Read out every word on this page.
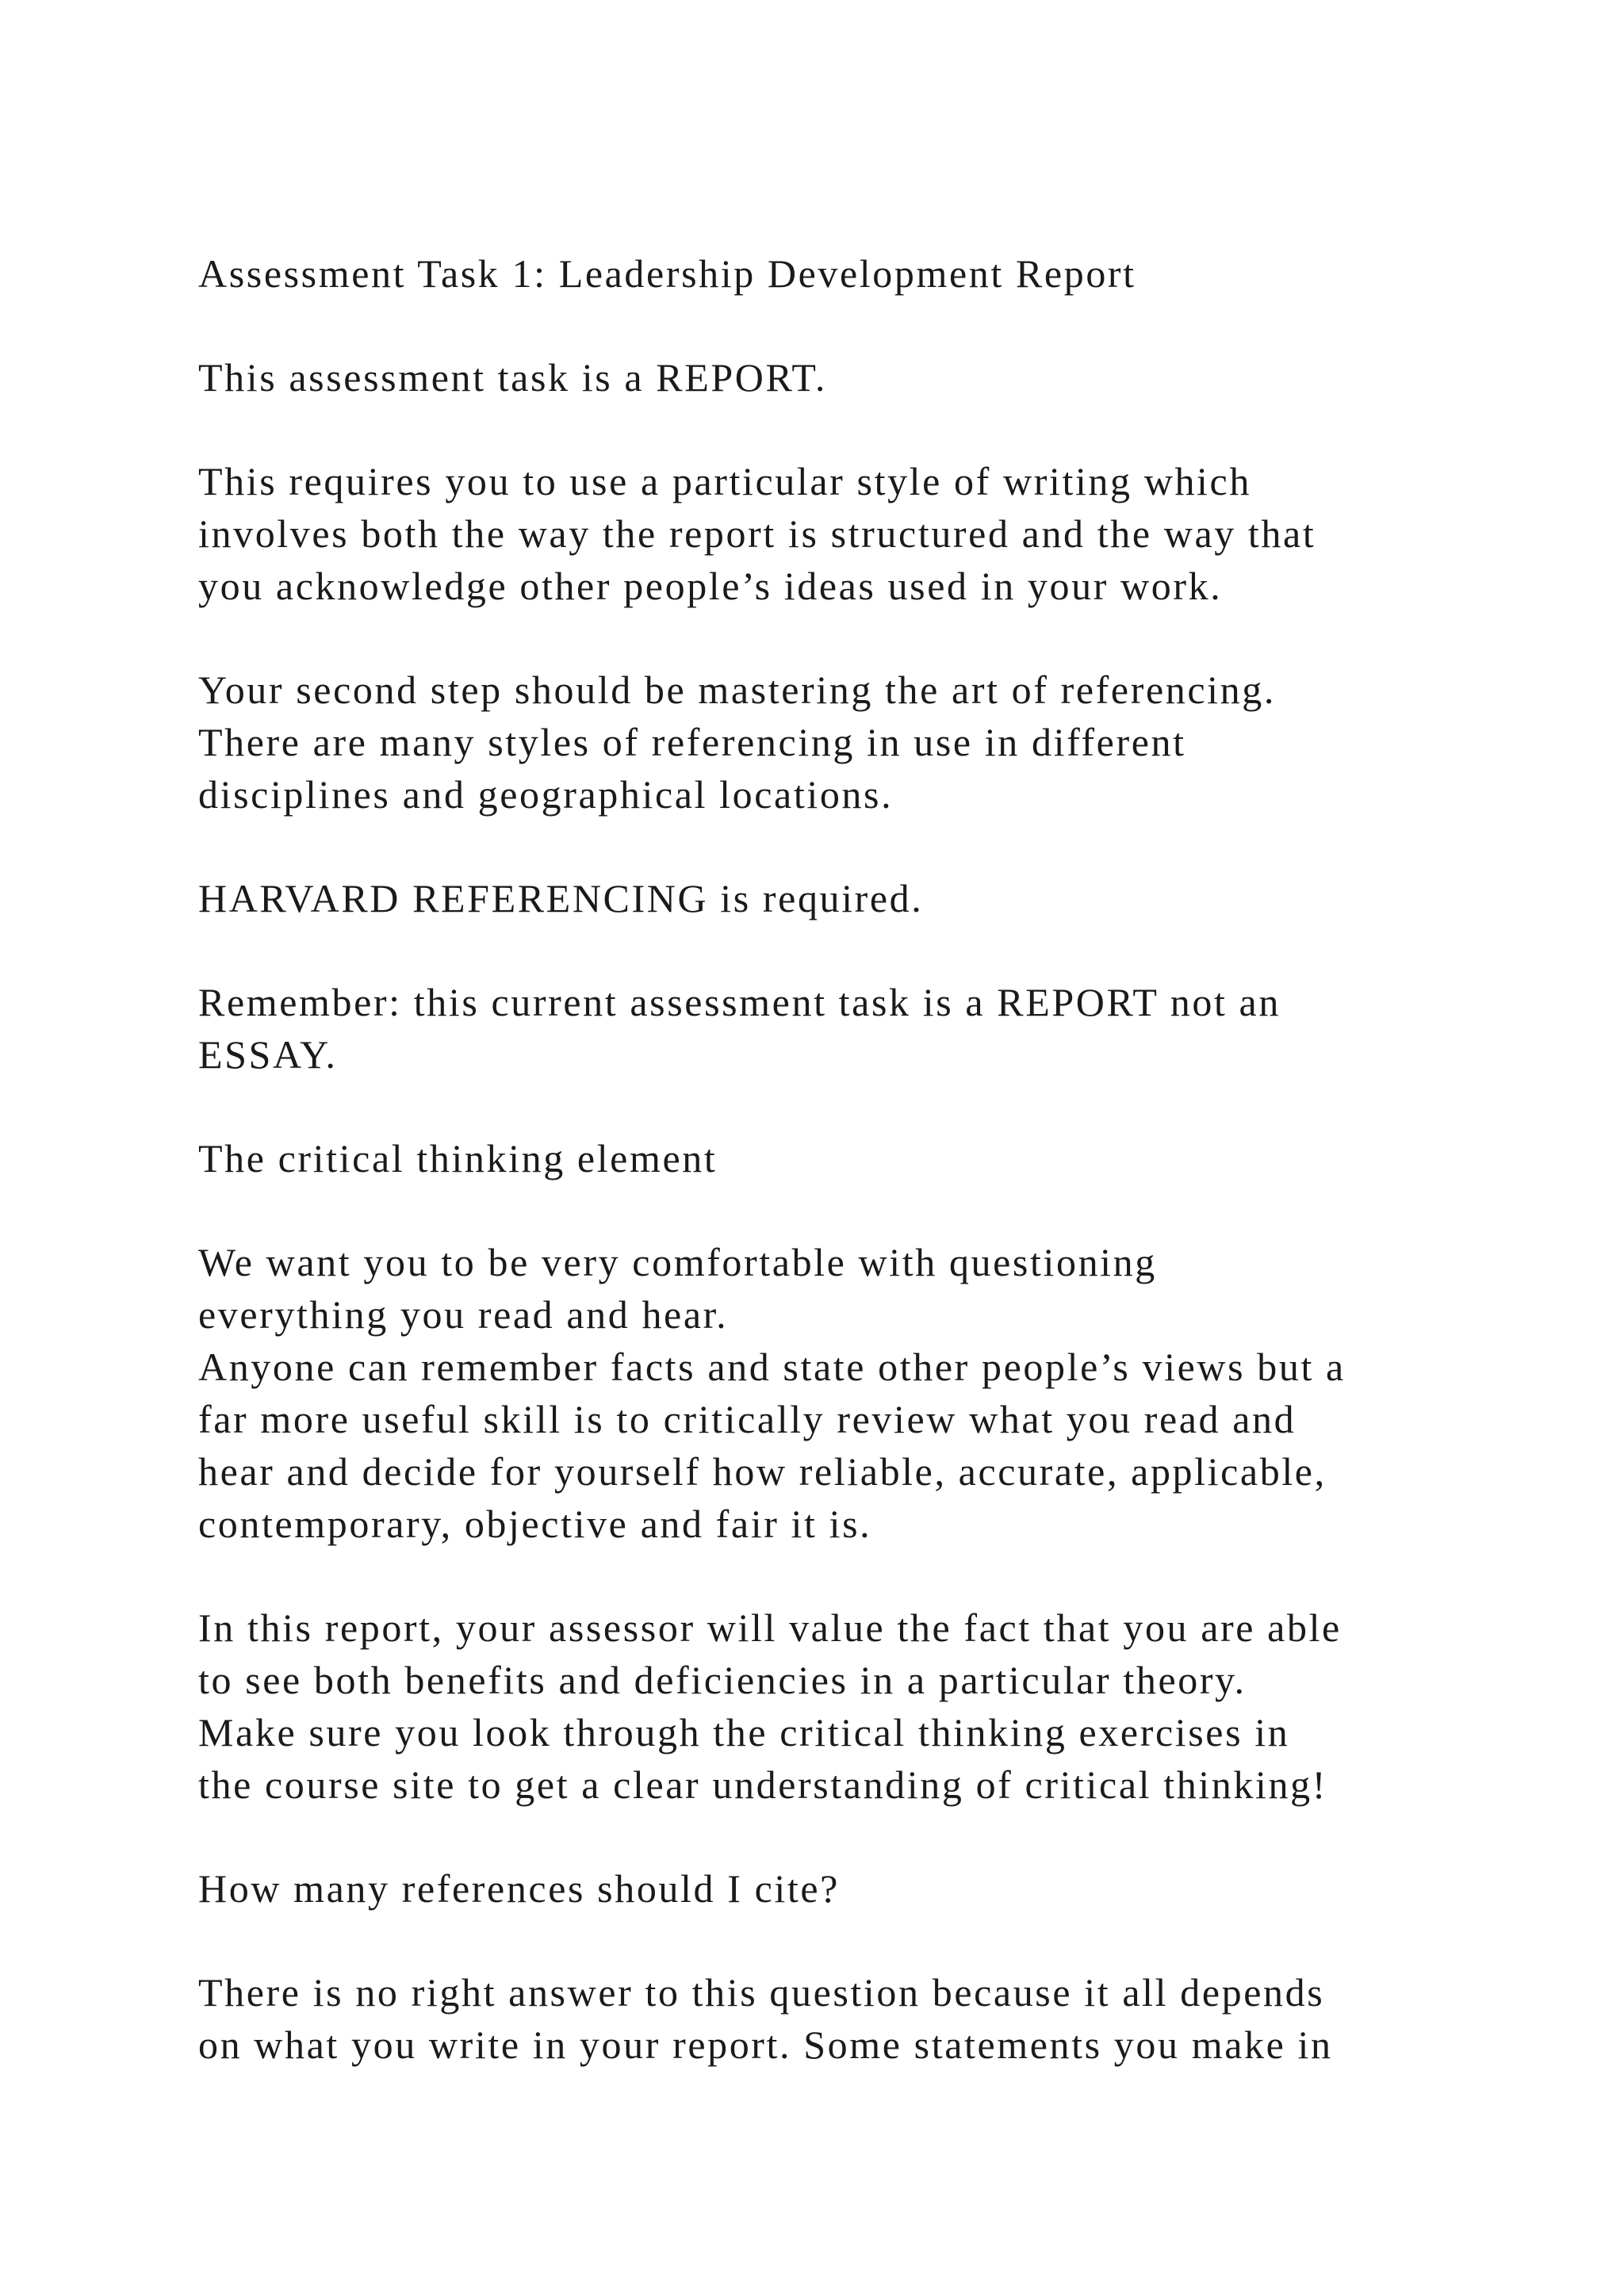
Assessment Task 1: Leadership Development Report
This assessment task is a REPORT.
This requires you to use a particular style of writing which
involves both the way the report is structured and the way that
you acknowledge other people’s ideas used in your work.
Your second step should be mastering the art of referencing.
There are many styles of referencing in use in different
disciplines and geographical locations.
HARVARD REFERENCING is required.
Remember: this current assessment task is a REPORT not an
ESSAY.
The critical thinking element
We want you to be very comfortable with questioning
everything you read and hear.
Anyone can remember facts and state other people’s views but a
far more useful skill is to critically review what you read and
hear and decide for yourself how reliable, accurate, applicable,
contemporary, objective and fair it is.
In this report, your assessor will value the fact that you are able
to see both benefits and deficiencies in a particular theory.
Make sure you look through the critical thinking exercises in
the course site to get a clear understanding of critical thinking!
How many references should I cite?
There is no right answer to this question because it all depends
on what you write in your report. Some statements you make in
